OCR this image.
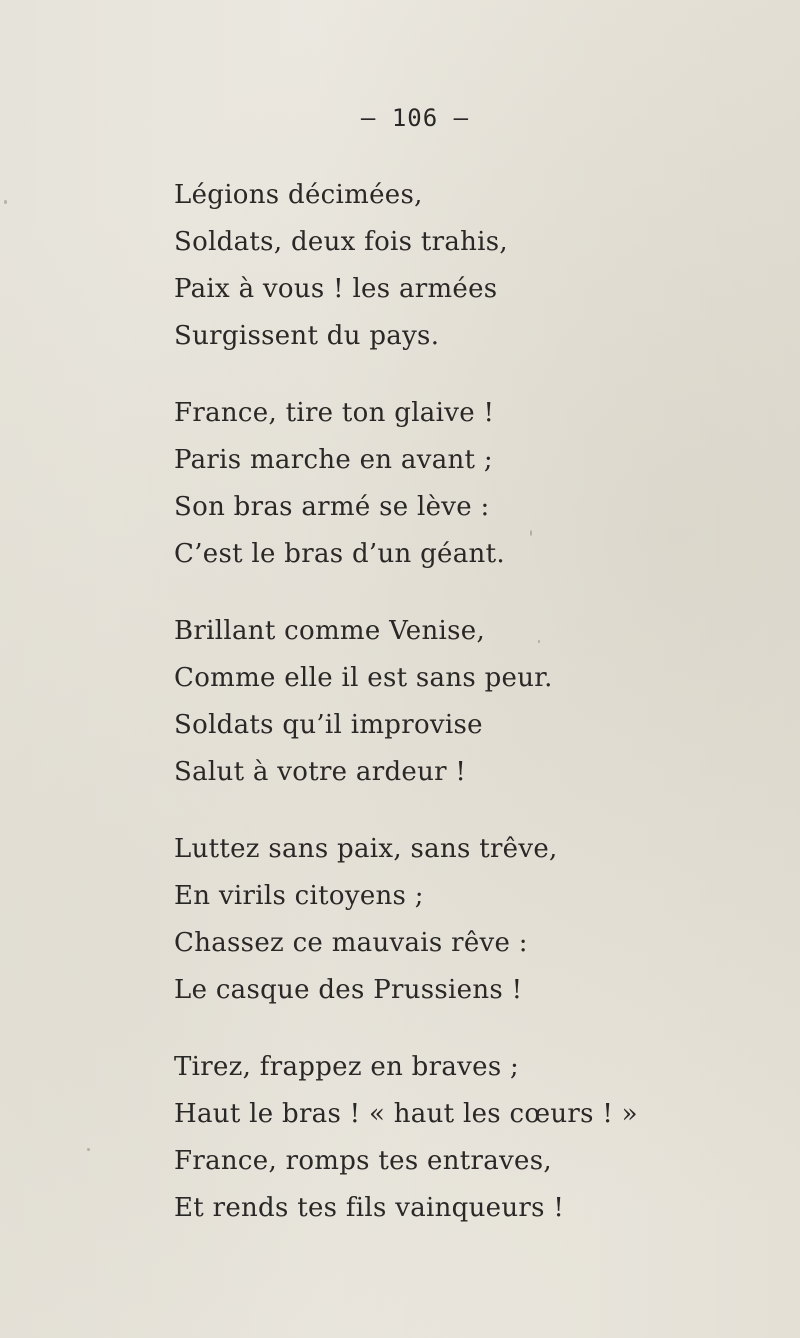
— 106 —
Légions décimées,
Soldats, deux fois trahis,
Paix à vous ! les armées
Surgissent du pays.
France, tire ton glaive !
Paris marche en avant ;
Son bras armé se lève :
C’est le bras d’un géant.
Brillant comme Venise,
Comme elle il est sans peur.
Soldats qu’il improvise
Salut à votre ardeur !
Luttez sans paix, sans trêve,
En virils citoyens ;
Chassez ce mauvais rêve :
Le casque des Prussiens !
Tirez, frappez en braves ;
Haut le bras ! « haut les cœurs ! »
France, romps tes entraves,
Et rends tes fils vainqueurs !
